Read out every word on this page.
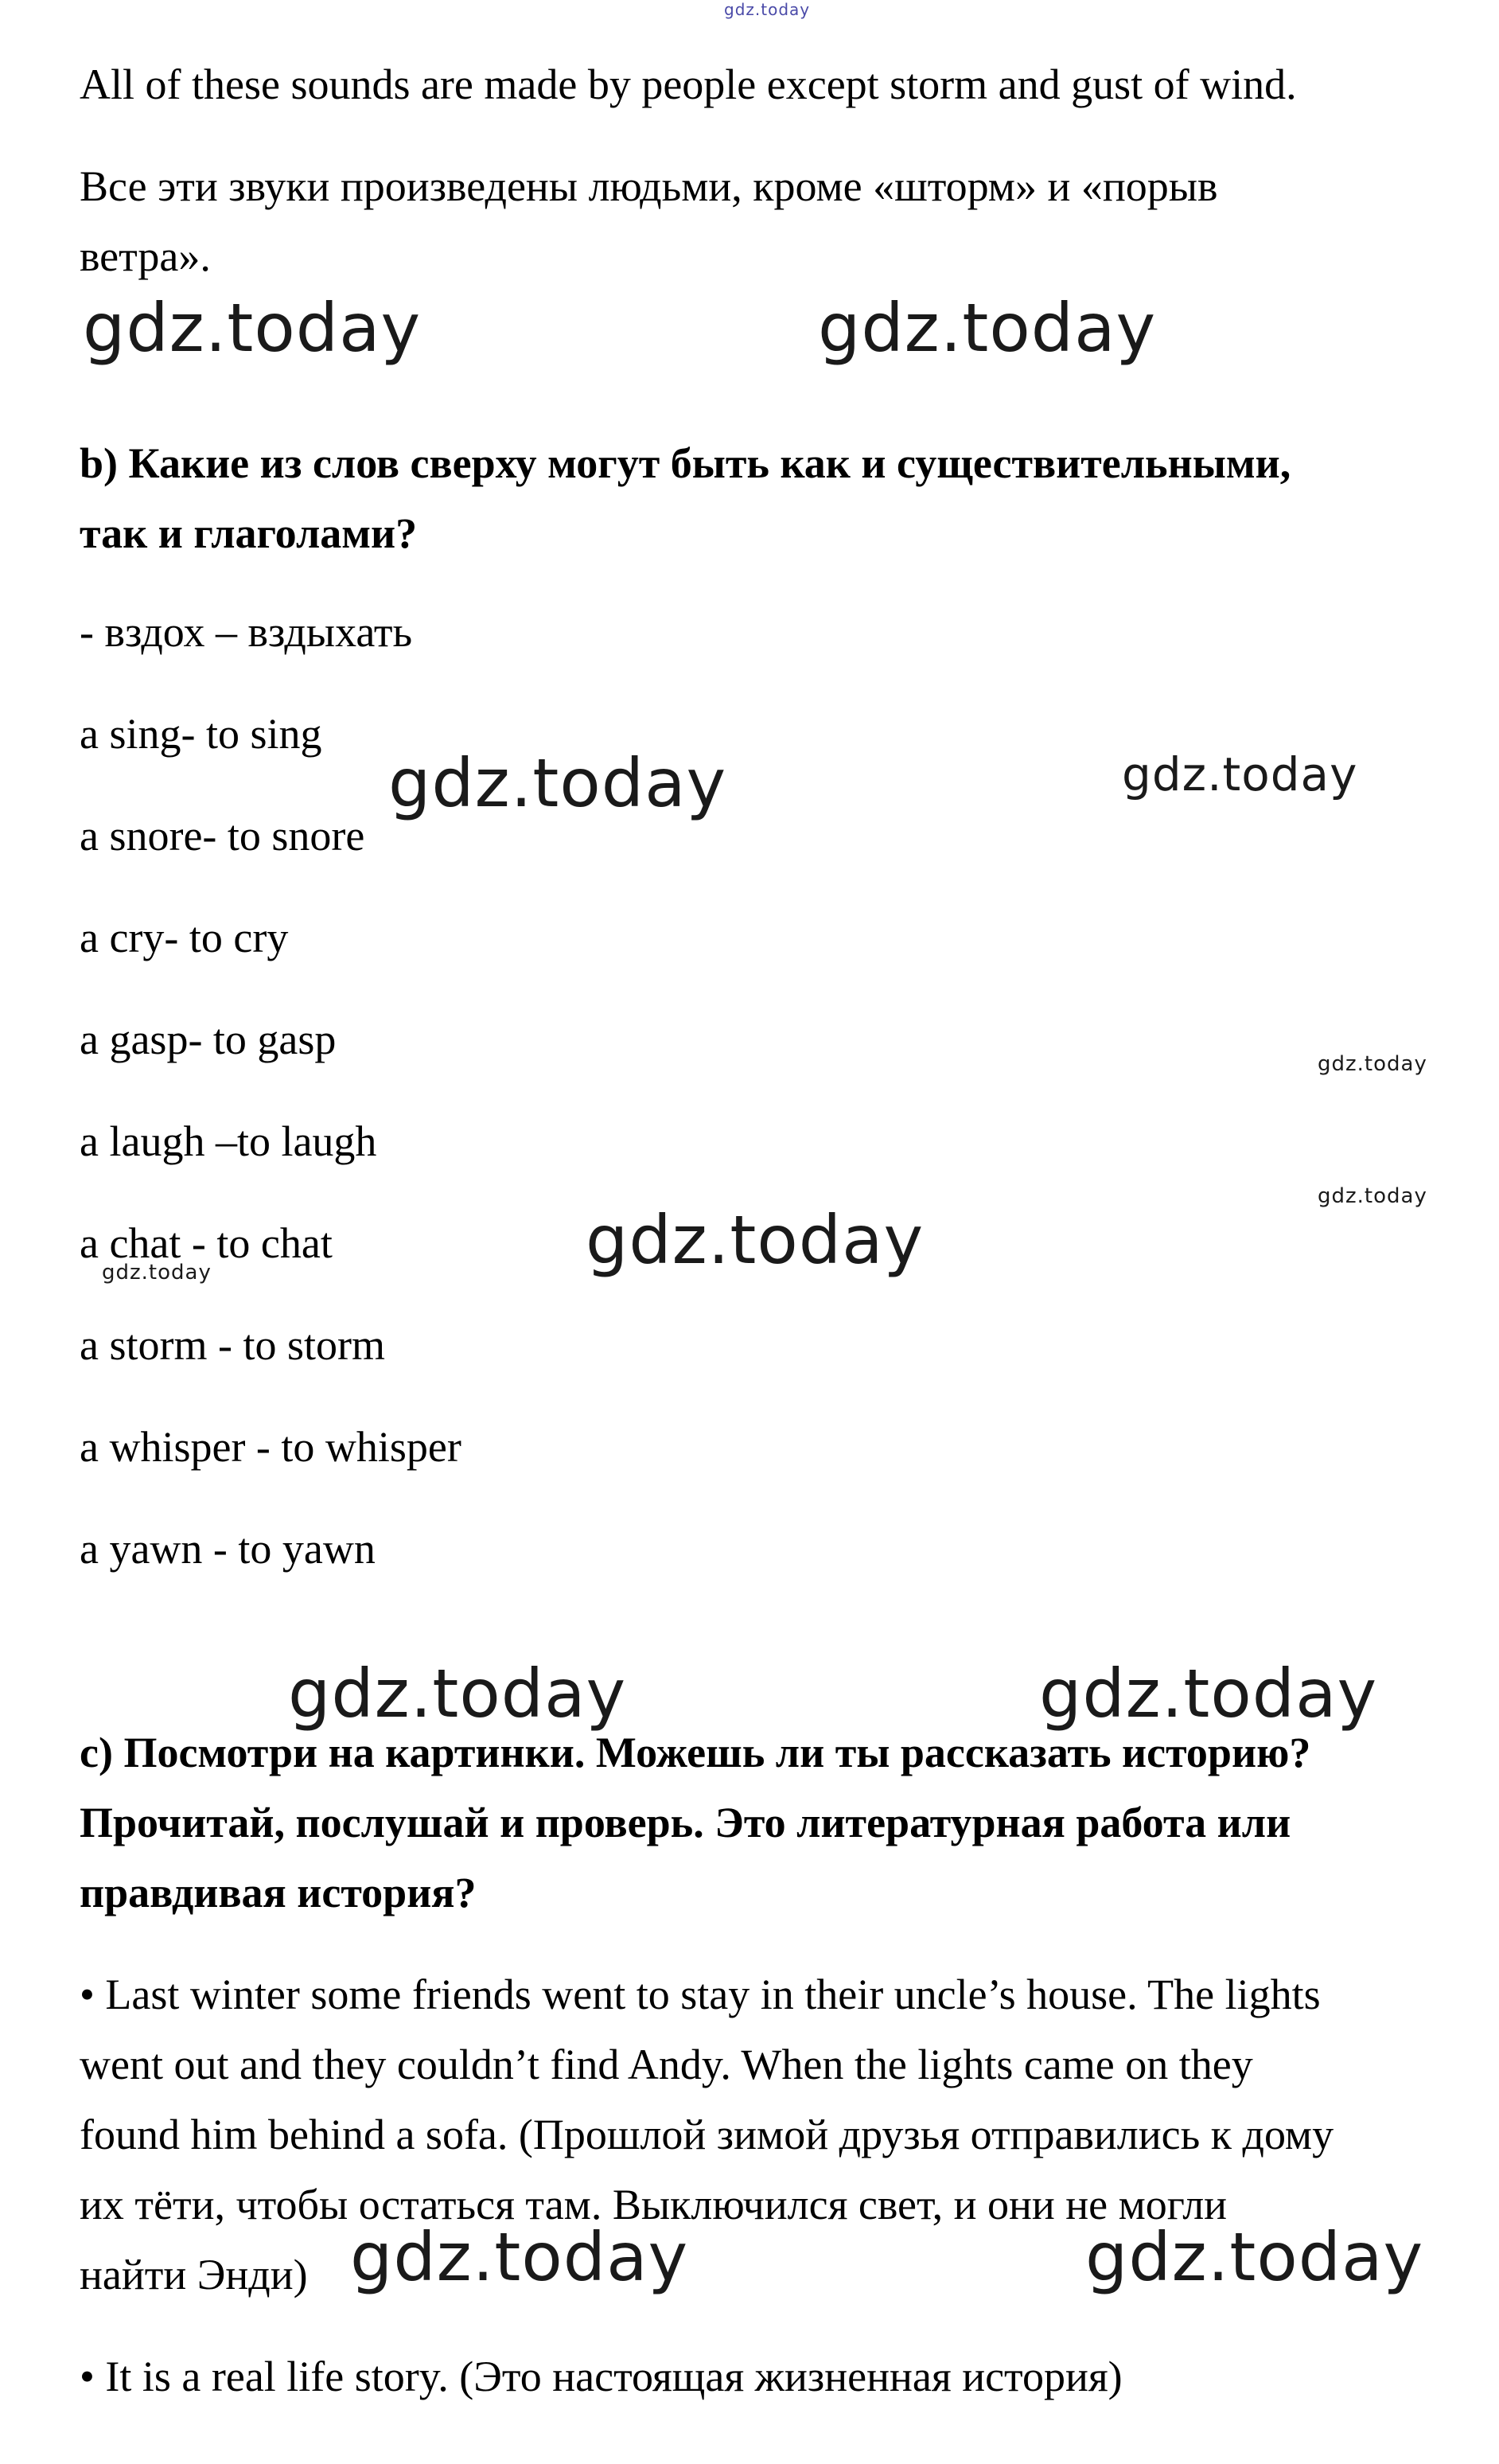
gdz.today
All of these sounds are made by people except storm and gust of wind.
Все эти звуки произведены людьми, кроме «шторм» и «порыв
ветра».
gdz.today	gdz.today
b) Какие из слов сверху могут быть как и существительными,
так и глаголами?
- вздох – вздыхать
a sing- to sing
a snore- to snore
a cry- to cry
a gasp- to gasp
a laugh –to laugh
a chat - to chat
a storm - to storm
a whisper - to whisper
a yawn - to yawn
gdz.today	gdz.today
gdz.today
gdz.today
gdz.today
gdz.today
gdz.today	gdz.today
c) Посмотри на картинки. Можешь ли ты рассказать историю?
Прочитай, послушай и проверь. Это литературная работа или
правдивая история?
• Last winter some friends went to stay in their uncle’s house. The lights
went out and they couldn’t find Andy. When the lights came on they
found him behind a sofa. (Прошлой зимой друзья отправились к дому
их тёти, чтобы остаться там. Выключился свет, и они не могли
найти Энди) gdz.today	gdz.today
• It is a real life story. (Это настоящая жизненная история)
